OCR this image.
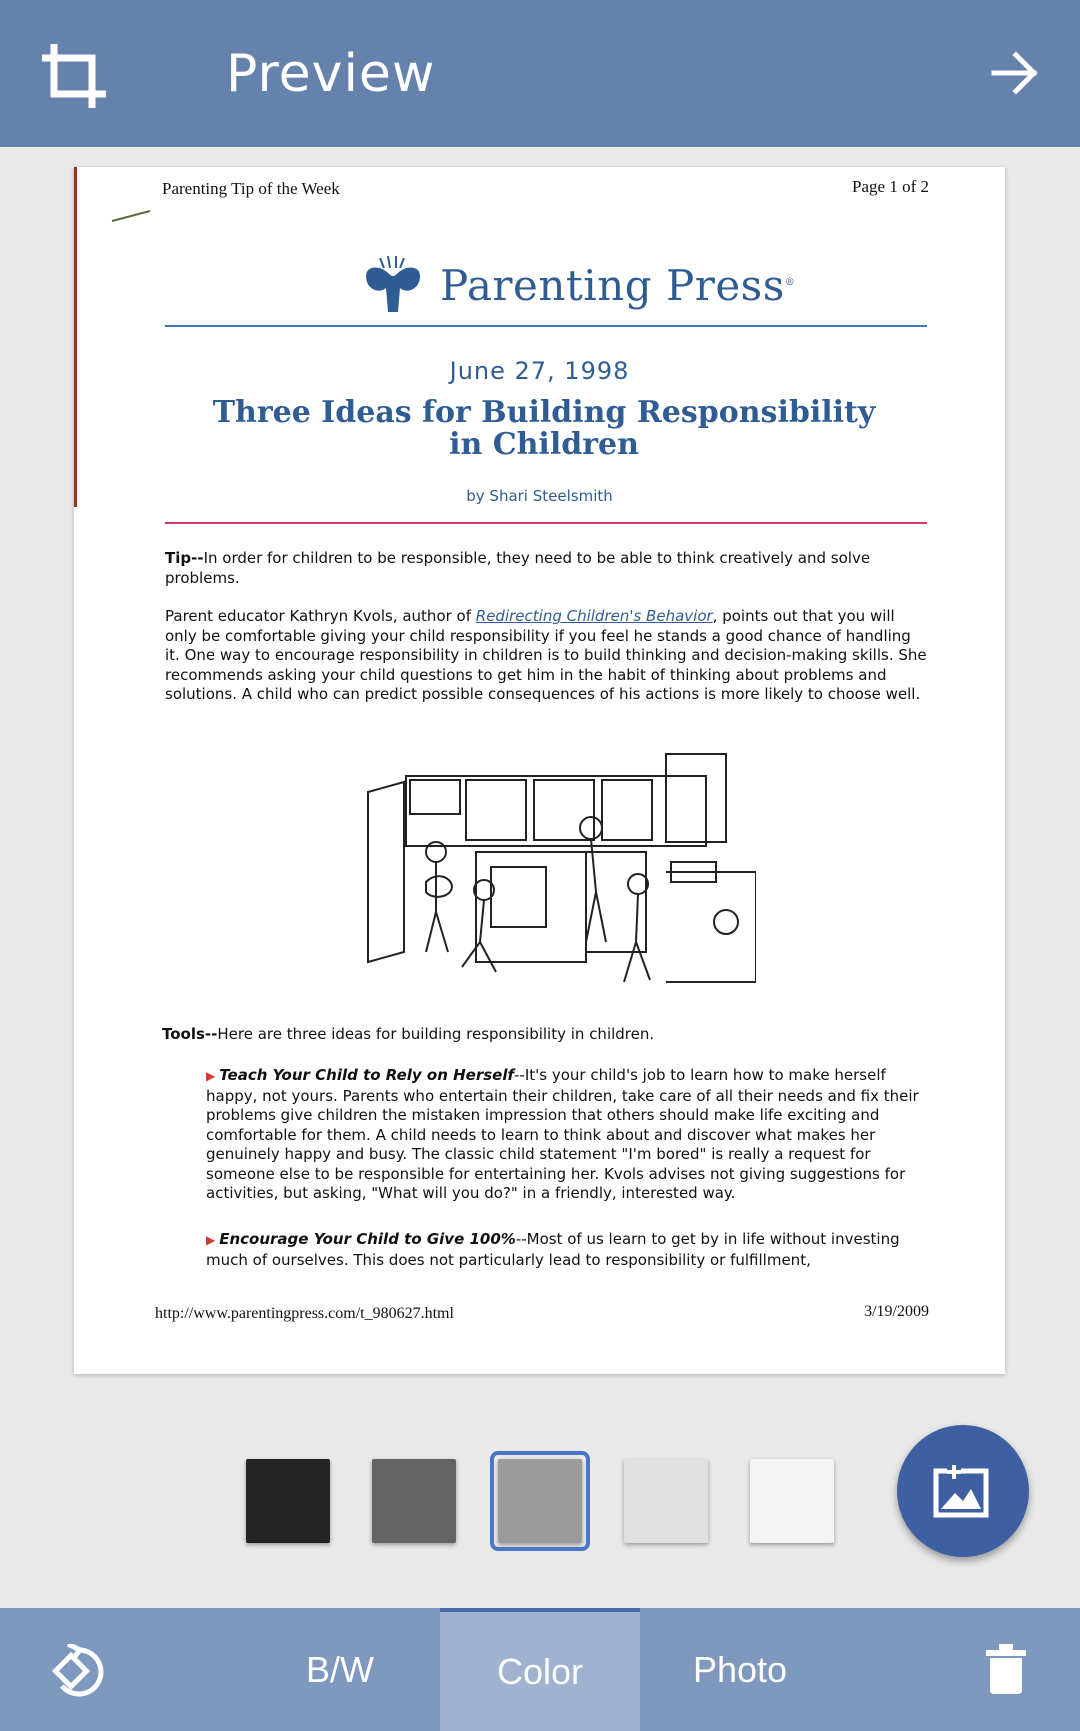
Preview
Parenting Tip of the Week	Page 1 of 2
Parenting Press®
June 27, 1998
Three Ideas for Building Responsibility in Children
by Shari Steelsmith
Tip--In order for children to be responsible, they need to be able to think creatively and solve problems.
Parent educator Kathryn Kvols, author of Redirecting Children's Behavior, points out that you will only be comfortable giving your child responsibility if you feel he stands a good chance of handling it. One way to encourage responsibility in children is to build thinking and decision-making skills. She recommends asking your child questions to get him in the habit of thinking about problems and solutions. A child who can predict possible consequences of his actions is more likely to choose well.
Tools--Here are three ideas for building responsibility in children.
▶ Teach Your Child to Rely on Herself--It's your child's job to learn how to make herself happy, not yours. Parents who entertain their children, take care of all their needs and fix their problems give children the mistaken impression that others should make life exciting and comfortable for them. A child needs to learn to think about and discover what makes her genuinely happy and busy. The classic child statement "I'm bored" is really a request for someone else to be responsible for entertaining her. Kvols advises not giving suggestions for activities, but asking, "What will you do?" in a friendly, interested way.
▶ Encourage Your Child to Give 100%--Most of us learn to get by in life without investing much of ourselves. This does not particularly lead to responsibility or fulfillment,
http://www.parentingpress.com/t_980627.html	3/19/2009
B/W	Color	Photo
